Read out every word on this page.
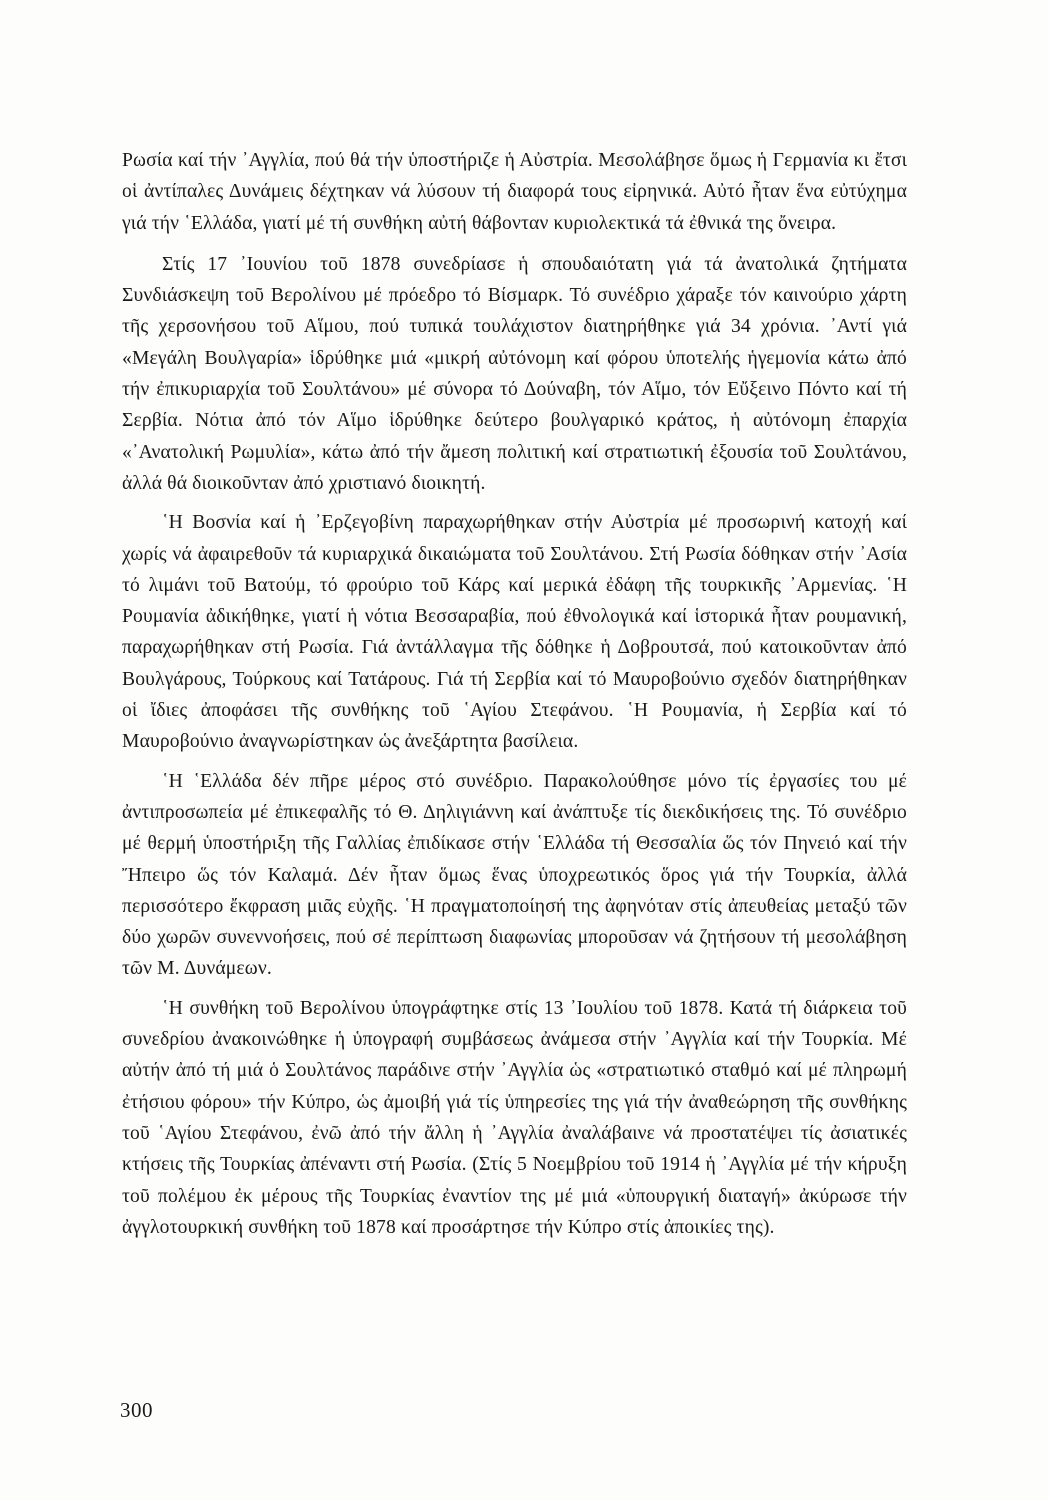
Ρωσία καί τήν ᾿Αγγλία, πού θά τήν ὑποστήριζε ἡ Αὐστρία. Μεσολάβησε ὅμως ἡ Γερμανία κι ἔτσι οἱ ἀντίπαλες Δυνάμεις δέχτηκαν νά λύσουν τή διαφορά τους εἰρηνικά. Αὐτό ἦταν ἕνα εὐτύχημα γιά τήν ῾Ελλάδα, γιατί μέ τή συνθήκη αὐτή θάβονταν κυριολεκτικά τά ἐθνικά της ὄνειρα.

Στίς 17 ᾿Ιουνίου τοῦ 1878 συνεδρίασε ἡ σπουδαιότατη γιά τά ἀνατολικά ζητήματα Συνδιάσκεψη τοῦ Βερολίνου μέ πρόεδρο τό Βίσμαρκ. Τό συνέδριο χάραξε τόν καινούριο χάρτη τῆς χερσονήσου τοῦ Αἵμου, πού τυπικά τουλάχιστον διατηρήθηκε γιά 34 χρόνια. ᾿Αντί γιά «Μεγάλη Βουλγαρία» ἱδρύθηκε μιά «μικρή αὐτόνομη καί φόρου ὑποτελής ἡγεμονία κάτω ἀπό τήν ἐπικυριαρχία τοῦ Σουλτάνου» μέ σύνορα τό Δούναβη, τόν Αἵμο, τόν Εὔξεινο Πόντο καί τή Σερβία. Νότια ἀπό τόν Αἵμο ἱδρύθηκε δεύτερο βουλγαρικό κράτος, ἡ αὐτόνομη ἐπαρχία «᾿Ανατολική Ρωμυλία», κάτω ἀπό τήν ἄμεση πολιτική καί στρατιωτική ἐξουσία τοῦ Σουλτάνου, ἀλλά θά διοικοῦνταν ἀπό χριστιανό διοικητή.

῾Η Βοσνία καί ἡ ᾿Ερζεγοβίνη παραχωρήθηκαν στήν Αὐστρία μέ προσωρινή κατοχή καί χωρίς νά ἀφαιρεθοῦν τά κυριαρχικά δικαιώματα τοῦ Σουλτάνου. Στή Ρωσία δόθηκαν στήν ᾿Ασία τό λιμάνι τοῦ Βατούμ, τό φρούριο τοῦ Κάρς καί μερικά ἐδάφη τῆς τουρκικῆς ᾿Αρμενίας. ῾Η Ρουμανία ἀδικήθηκε, γιατί ἡ νότια Βεσσαραβία, πού ἐθνολογικά καί ἱστορικά ἦταν ρουμανική, παραχωρήθηκαν στή Ρωσία. Γιά ἀντάλλαγμα τῆς δόθηκε ἡ Δοβρουτσά, πού κατοικοῦνταν ἀπό Βουλγάρους, Τούρκους καί Τατάρους. Γιά τή Σερβία καί τό Μαυροβούνιο σχεδόν διατηρήθηκαν οἱ ἴδιες ἀποφάσει τῆς συνθήκης τοῦ ῾Αγίου Στεφάνου. ῾Η Ρουμανία, ἡ Σερβία καί τό Μαυροβούνιο ἀναγνωρίστηκαν ὡς ἀνεξάρτητα βασίλεια.

῾Η ῾Ελλάδα δέν πῆρε μέρος στό συνέδριο. Παρακολούθησε μόνο τίς ἐργασίες του μέ ἀντιπροσωπεία μέ ἐπικεφαλῆς τό Θ. Δηλιγιάννη καί ἀνάπτυξε τίς διεκδικήσεις της. Τό συνέδριο μέ θερμή ὑποστήριξη τῆς Γαλλίας ἐπιδίκασε στήν ῾Ελλάδα τή Θεσσαλία ὥς τόν Πηνειό καί τήν Ἤπειρο ὥς τόν Καλαμά. Δέν ἦταν ὅμως ἕνας ὑποχρεωτικός ὅρος γιά τήν Τουρκία, ἀλλά περισσότερο ἔκφραση μιᾶς εὐχῆς. ῾Η πραγματοποίησή της ἀφηνόταν στίς ἀπευθείας μεταξύ τῶν δύο χωρῶν συνεννοήσεις, πού σέ περίπτωση διαφωνίας μποροῦσαν νά ζητήσουν τή μεσολάβηση τῶν Μ. Δυνάμεων.

῾Η συνθήκη τοῦ Βερολίνου ὑπογράφτηκε στίς 13 ᾿Ιουλίου τοῦ 1878. Κατά τή διάρκεια τοῦ συνεδρίου ἀνακοινώθηκε ἡ ὑπογραφή συμβάσεως ἀνάμεσα στήν ᾿Αγγλία καί τήν Τουρκία. Μέ αὐτήν ἀπό τή μιά ὁ Σουλτάνος παράδινε στήν ᾿Αγγλία ὡς «στρατιωτικό σταθμό καί μέ πληρωμή ἐτήσιου φόρου» τήν Κύπρο, ὡς ἀμοιβή γιά τίς ὑπηρεσίες της γιά τήν ἀναθεώρηση τῆς συνθήκης τοῦ ῾Αγίου Στεφάνου, ἐνῶ ἀπό τήν ἄλλη ἡ ᾿Αγγλία ἀναλάβαινε νά προστατέψει τίς ἀσιατικές κτήσεις τῆς Τουρκίας ἀπέναντι στή Ρωσία. (Στίς 5 Νοεμβρίου τοῦ 1914 ἡ ᾿Αγγλία μέ τήν κήρυξη τοῦ πολέμου ἐκ μέρους τῆς Τουρκίας ἐναντίον της μέ μιά «ὑπουργική διαταγή» ἀκύρωσε τήν ἀγγλοτουρκική συνθήκη τοῦ 1878 καί προσάρτησε τήν Κύπρο στίς ἀποικίες της).

300
